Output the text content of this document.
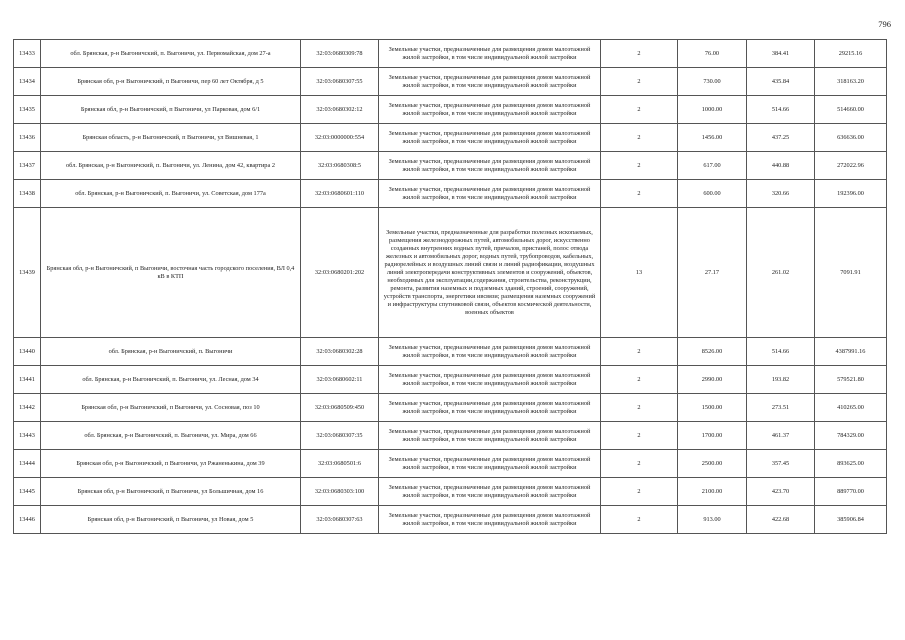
796
13433	обл. Брянская, р-н Выгоничский, п. Выгоничи, ул. Первомайская, дом 27-а	32:03:0680309:78	Земельные участки, предназначенные для размещения домов малоэтажной жилой застройки, в том числе индивидуальной жилой застройки	2	76.00	384.41	29215.16
13434	Брянская обл, р-н Выгоничский, п Выгоничи, пер 60 лет Октября, д 5	32:03:0680307:55	Земельные участки, предназначенные для размещения домов малоэтажной жилой застройки, в том числе индивидуальной жилой застройки	2	730.00	435.84	318163.20
13435	Брянская обл, р-н Выгоничский, п Выгоничи, ул Парковая, дом 6/1	32:03:0680302:12	Земельные участки, предназначенные для размещения домов малоэтажной жилой застройки, в том числе индивидуальной жилой застройки	2	1000.00	514.66	514660.00
13436	Брянская область, р-н Выгоничский, п Выгоничи, ул Вишневая, 1	32:03:0000000:554	Земельные участки, предназначенные для размещения домов малоэтажной жилой застройки, в том числе индивидуальной жилой застройки	2	1456.00	437.25	636636.00
13437	обл. Брянская, р-н Выгоничский, п. Выгоничи, ул. Ленина, дом 42, квартира 2	32:03:0680308:5	Земельные участки, предназначенные для размещения домов малоэтажной жилой застройки, в том числе индивидуальной жилой застройки	2	617.00	440.88	272022.96
13438	обл. Брянская, р-н Выгоничский, п. Выгоничи, ул. Советская, дом 177а	32:03:0680601:110	Земельные участки, предназначенные для размещения домов малоэтажной жилой застройки, в том числе индивидуальной жилой застройки	2	600.00	320.66	192396.00
13439	Брянская обл, р-н Выгоничский, п Выгоничи, восточная часть городского поселения, ВЛ 0,4 кВ в КТП	32:03:0680201:202	Земельные участки, предназначенные для разработки полезных ископаемых, размещения железнодорожных путей, автомобильных дорог, искусственно созданных внутренних водных путей, причалов, пристаней, полос отвода железных и автомобильных дорог, водных путей, трубопроводов, кабельных, радиорелейных и воздушных линий связи и линий радиофикации, воздушных линий электропередачи конструктивных элементов и сооружений, объектов, необходимых для эксплуатации,содержания, строительства, реконструкции, ремонта, развития наземных и подземных зданий, строений, сооружений, устройств транспорта, энергетики ивсвязи; размещения наземных сооружений и инфраструктуры спутниковой связи, объектов космической деятельности, военных объектов	13	27.17	261.02	7091.91
13440	обл. Брянская, р-н Выгоничский, п. Выгоничи	32:03:0680302:28	Земельные участки, предназначенные для размещения домов малоэтажной жилой застройки, в том числе индивидуальной жилой застройки	2	8526.00	514.66	4387991.16
13441	обл. Брянская, р-н Выгоничский, п. Выгоничи, ул. Лесная, дом 34	32:03:0680602:11	Земельные участки, предназначенные для размещения домов малоэтажной жилой застройки, в том числе индивидуальной жилой застройки	2	2990.00	193.82	579521.80
13442	Брянская обл, р-н Выгоничский, п Выгоничи, ул. Сосновая, поз 10	32:03:0680509:450	Земельные участки, предназначенные для размещения домов малоэтажной жилой застройки, в том числе индивидуальной жилой застройки	2	1500.00	273.51	410265.00
13443	обл. Брянская, р-н Выгоничский, п. Выгоничи, ул. Мира, дом 66	32:03:0680307:35	Земельные участки, предназначенные для размещения домов малоэтажной жилой застройки, в том числе индивидуальной жилой застройки	2	1700.00	461.37	784329.00
13444	Брянская обл, р-н Выгоничский, п Выгоничи, ул Ржаненькина, дом 39	32:03:0680501:6	Земельные участки, предназначенные для размещения домов малоэтажной жилой застройки, в том числе индивидуальной жилой застройки	2	2500.00	357.45	893625.00
13445	Брянская обл, р-н Выгоничский, п Выгоничи, ул Большичная, дом 16	32:03:0680303:100	Земельные участки, предназначенные для размещения домов малоэтажной жилой застройки, в том числе индивидуальной жилой застройки	2	2100.00	423.70	889770.00
13446	Брянская обл, р-н Выгоничский, п Выгоничи, ул Новая, дом 5	32:03:0680307:63	Земельные участки, предназначенные для размещения домов малоэтажной жилой застройки, в том числе индивидуальной жилой застройки	2	913.00	422.68	385906.84
